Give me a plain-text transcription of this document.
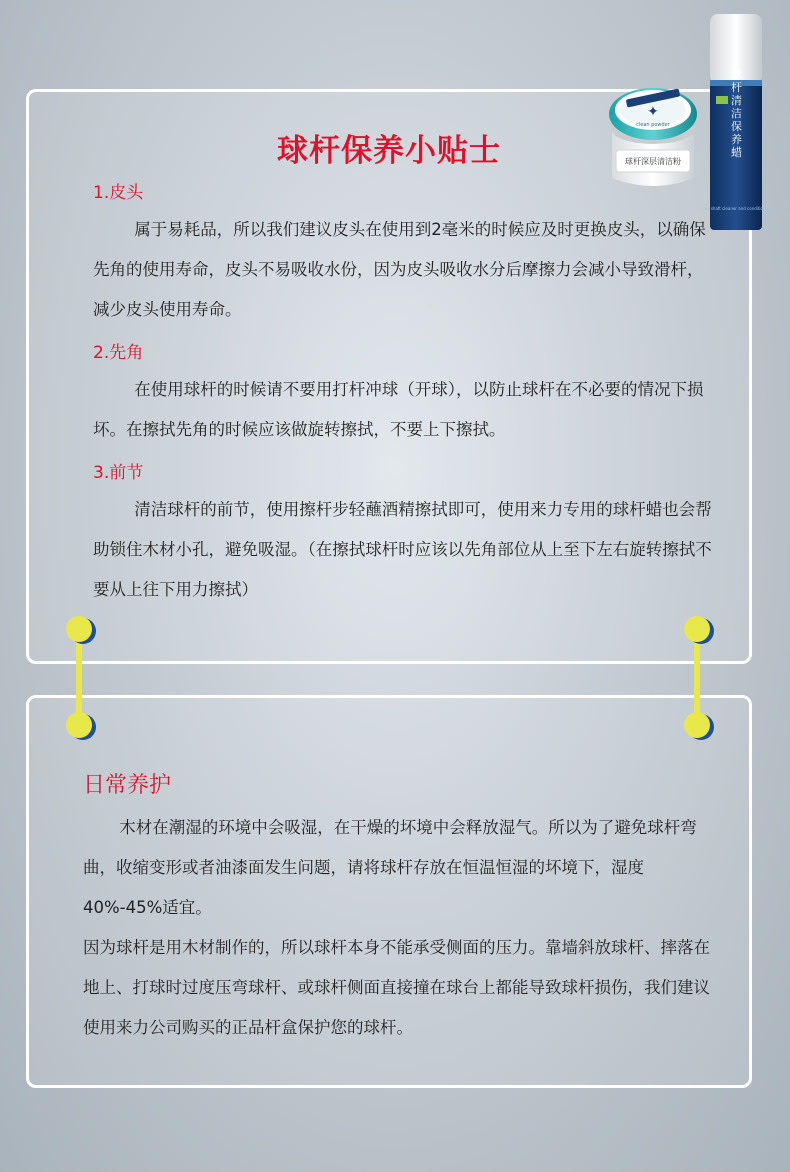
球杆保养小贴士
1.皮头
属于易耗品，所以我们建议皮头在使用到2毫米的时候应及时更换皮头，以确保先角的使用寿命，皮头不易吸收水份，因为皮头吸收水分后摩擦力会减小导致滑杆，减少皮头使用寿命。
2.先角
在使用球杆的时候请不要用打杆冲球（开球），以防止球杆在不必要的情况下损坏。在擦拭先角的时候应该做旋转擦拭，不要上下擦拭。
3.前节
清洁球杆的前节，使用擦杆步轻蘸酒精擦拭即可，使用来力专用的球杆蜡也会帮助锁住木材小孔，避免吸湿。（在擦拭球杆时应该以先角部位从上至下左右旋转擦拭不要从上往下用力擦拭）
日常养护
木材在潮湿的环境中会吸湿，在干燥的坏境中会释放湿气。所以为了避免球杆弯曲，收缩变形或者油漆面发生问题，请将球杆存放在恒温恒湿的坏境下，湿度40%-45%适宜。
因为球杆是用木材制作的，所以球杆本身不能承受侧面的压力。靠墙斜放球杆、摔落在地上、打球时过度压弯球杆、或球杆侧面直接撞在球台上都能导致球杆损伤，我们建议使用来力公司购买的正品杆盒保护您的球杆。
球杆深层清洁粉
✦
clean powder	球杆清洁保养蜡
cue shaft cleaner and conditioner
